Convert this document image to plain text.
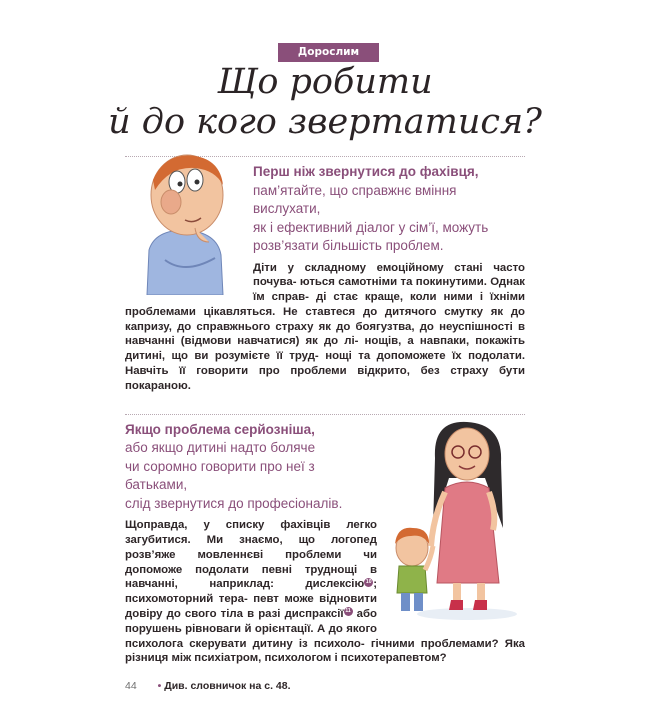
Дорослим
Що робити
й до кого звертатися?
Перш ніж звернутися до фахівця,
пам’ятайте, що справжнє вміння вислухати,
як і ефективний діалог у сім’ї, можуть
розв’язати більшість проблем.
Діти у складному емоційному стані часто почува- ються самотніми та покинутими. Однак їм справ- ді стає краще, коли ними і їхніми проблемами цікавляться. Не ставтеся до дитячого смутку як до капризу, до справжнього страху як до боягузтва, до неуспішності в навчанні (відмови навчатися) як до лі- нощів, а навпаки, покажіть дитині, що ви розумієте її труд- нощі та допоможете їх подолати. Навчіть її говорити про проблеми відкрито, без страху бути покараною.
Якщо проблема серйозніша,
або якщо дитині надто боляче
чи соромно говорити про неї з батьками,
слід звернутися до професіоналів.
Щоправда, у списку фахівців легко загубитися. Ми знаємо, що логопед розв’яже мовленнєві проблеми чи допоможе подолати певні труднощі в навчанні,	наприклад: дислексію 10 ; психомоторний тера- певт може відновити довіру до свого тіла в разі диспраксії 11 або порушень рівноваги й орієнтації. А до якого психолога скерувати дитину із психоло- гічними проблемами? Яка різниця між психіатром, психологом і психотерапевтом?
44 • Див. словничок на с. 48.
